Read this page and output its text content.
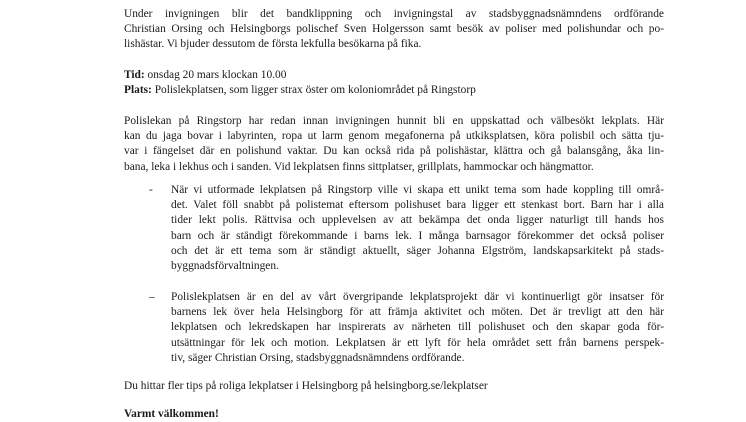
Under invigningen blir det bandklippning och invigningstal av stadsbyggnadsnämndens ordförande
Christian Orsing och Helsingborgs polischef Sven Holgersson samt besök av poliser med polishundar och po-
lishästar. Vi bjuder dessutom de första lekfulla besökarna på fika.
Tid: onsdag 20 mars klockan 10.00
Plats: Polislekplatsen, som ligger strax öster om koloniområdet på Ringstorp
Polislekan på Ringstorp har redan innan invigningen hunnit bli en uppskattad och välbesökt lekplats. Här
kan du jaga bovar i labyrinten, ropa ut larm genom megafonerna på utkiksplatsen, köra polisbil och sätta tju-
var i fängelset där en polishund vaktar. Du kan också rida på polishästar, klättra och gå balansgång, åka lin-
bana, leka i lekhus och i sanden. Vid lekplatsen finns sittplatser, grillplats, hammockar och hängmattor.
- När vi utformade lekplatsen på Ringstorp ville vi skapa ett unikt tema som hade koppling till områ-
det. Valet föll snabbt på polistemat eftersom polishuset bara ligger ett stenkast bort. Barn har i alla
tider lekt polis. Rättvisa och upplevelsen av att bekämpa det onda ligger naturligt till hands hos
barn och är ständigt förekommande i barns lek. I många barnsagor förekommer det också poliser
och det är ett tema som är ständigt aktuellt, säger Johanna Elgström, landskapsarkitekt på stads-
byggnadsförvaltningen.
– Polislekplatsen är en del av vårt övergripande lekplatsprojekt där vi kontinuerligt gör insatser för
barnens lek över hela Helsingborg för att främja aktivitet och möten. Det är trevligt att den här
lekplatsen och lekredskapen har inspirerats av närheten till polishuset och den skapar goda för-
utsättningar för lek och motion. Lekplatsen är ett lyft för hela området sett från barnens perspek-
tiv, säger Christian Orsing, stadsbyggnadsnämndens ordförande.
Du hittar fler tips på roliga lekplatser i Helsingborg på helsingborg.se/lekplatser
Varmt välkommen!
